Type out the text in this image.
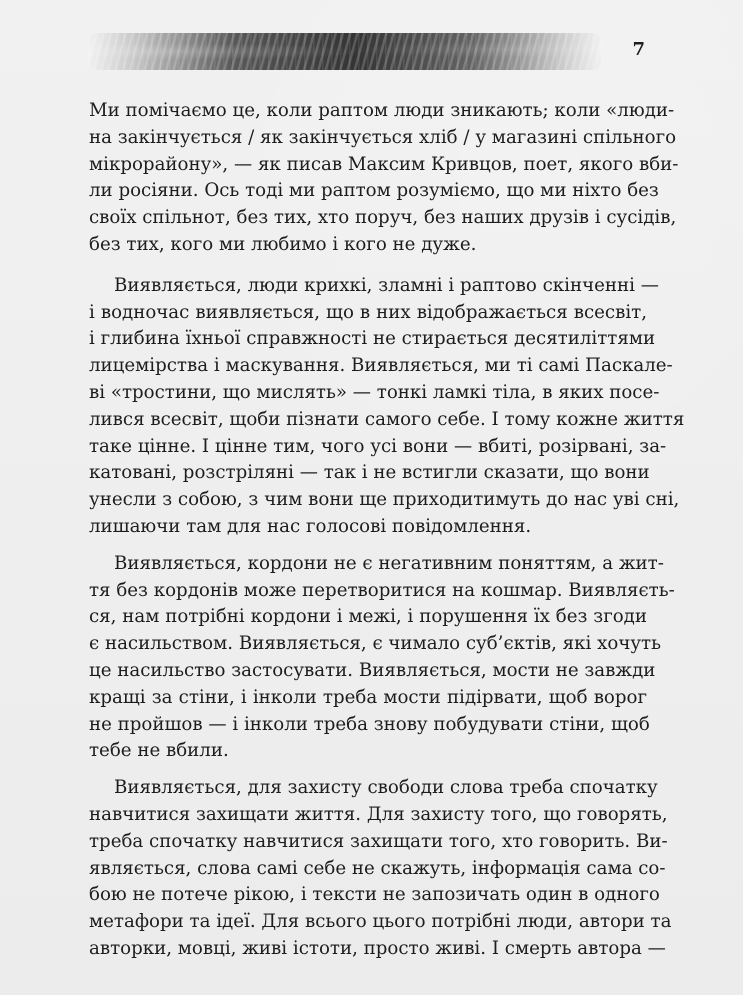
7

Ми помічаємо це, коли раптом люди зникають; коли «люди-
на закінчується / як закінчується хліб / у магазині спільного
мікрорайону», — як писав Максим Кривцов, поет, якого вби-
ли росіяни. Ось тоді ми раптом розуміємо, що ми ніхто без
своїх спільнот, без тих, хто поруч, без наших друзів і сусідів,
без тих, кого ми любимо і кого не дуже.

Виявляється, люди крихкі, зламні і раптово скінченні —
і водночас виявляється, що в них відображається всесвіт,
і глибина їхньої справжності не стирається десятиліттями
лицемірства і маскування. Виявляється, ми ті самі Паскале-
ві «тростини, що мислять» — тонкі ламкі тіла, в яких посе-
лився всесвіт, щоби пізнати самого себе. І тому кожне життя
таке цінне. І цінне тим, чого усі вони — вбиті, розірвані, за-
катовані, розстріляні — так і не встигли сказати, що вони
унесли з собою, з чим вони ще приходитимуть до нас уві сні,
лишаючи там для нас голосові повідомлення.

Виявляється, кордони не є негативним поняттям, а жит-
тя без кордонів може перетворитися на кошмар. Виявляєть-
ся, нам потрібні кордони і межі, і порушення їх без згоди
є насильством. Виявляється, є чимало суб’єктів, які хочуть
це насильство застосувати. Виявляється, мости не завжди
кращі за стіни, і інколи треба мости підірвати, щоб ворог
не пройшов — і інколи треба знову побудувати стіни, щоб
тебе не вбили.

Виявляється, для захисту свободи слова треба спочатку
навчитися захищати життя. Для захисту того, що говорять,
треба спочатку навчитися захищати того, хто говорить. Ви-
являється, слова самі себе не скажуть, інформація сама со-
бою не потече рікою, і тексти не запозичать один в одного
метафори та ідеї. Для всього цього потрібні люди, автори та
авторки, мовці, живі істоти, просто живі. І смерть автора —
